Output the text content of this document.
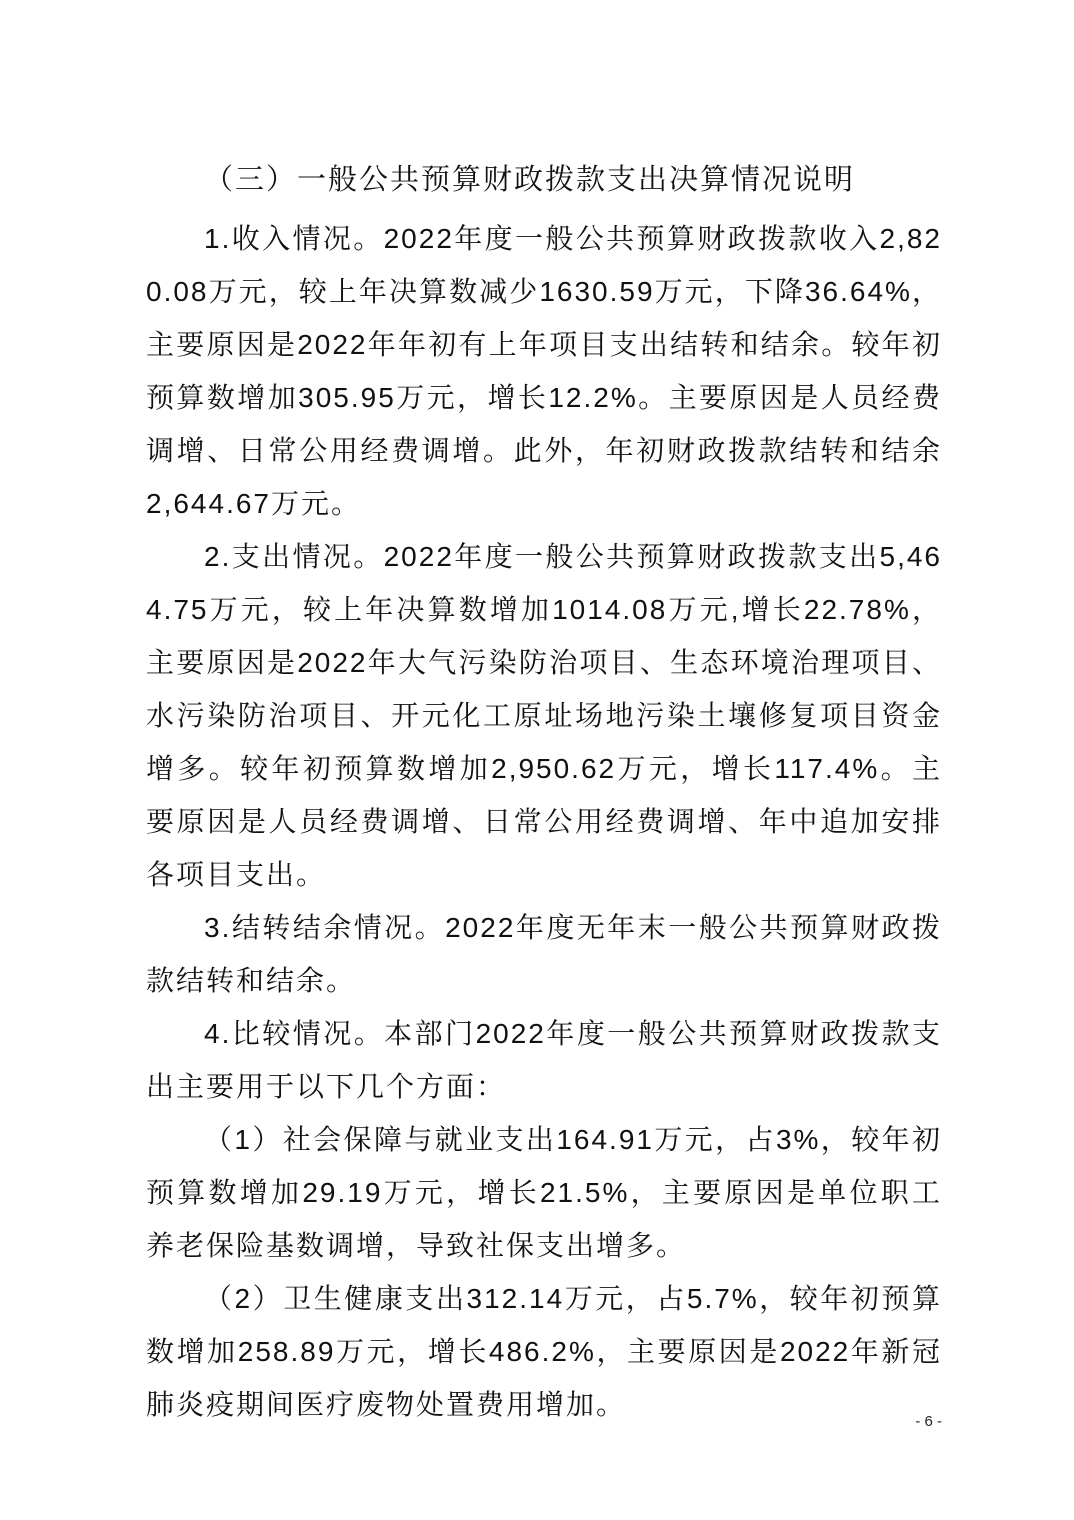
（三）一般公共预算财政拨款支出决算情况说明

1.收入情况。2022年度一般公共预算财政拨款收入2,820.08万元，较上年决算数减少1630.59万元，下降36.64%，主要原因是2022年年初有上年项目支出结转和结余。较年初预算数增加305.95万元，增长12.2%。主要原因是人员经费调增、日常公用经费调增。此外，年初财政拨款结转和结余2,644.67万元。

2.支出情况。2022年度一般公共预算财政拨款支出5,464.75万元，较上年决算数增加1014.08万元,增长22.78%，主要原因是2022年大气污染防治项目、生态环境治理项目、水污染防治项目、开元化工原址场地污染土壤修复项目资金增多。较年初预算数增加2,950.62万元，增长117.4%。主要原因是人员经费调增、日常公用经费调增、年中追加安排各项目支出。

3.结转结余情况。2022年度无年末一般公共预算财政拨款结转和结余。

4.比较情况。本部门2022年度一般公共预算财政拨款支出主要用于以下几个方面：

（1）社会保障与就业支出164.91万元，占3%，较年初预算数增加29.19万元，增长21.5%，主要原因是单位职工养老保险基数调增，导致社保支出增多。

（2）卫生健康支出312.14万元，占5.7%，较年初预算数增加258.89万元，增长486.2%，主要原因是2022年新冠肺炎疫期间医疗废物处置费用增加。

- 6 -
